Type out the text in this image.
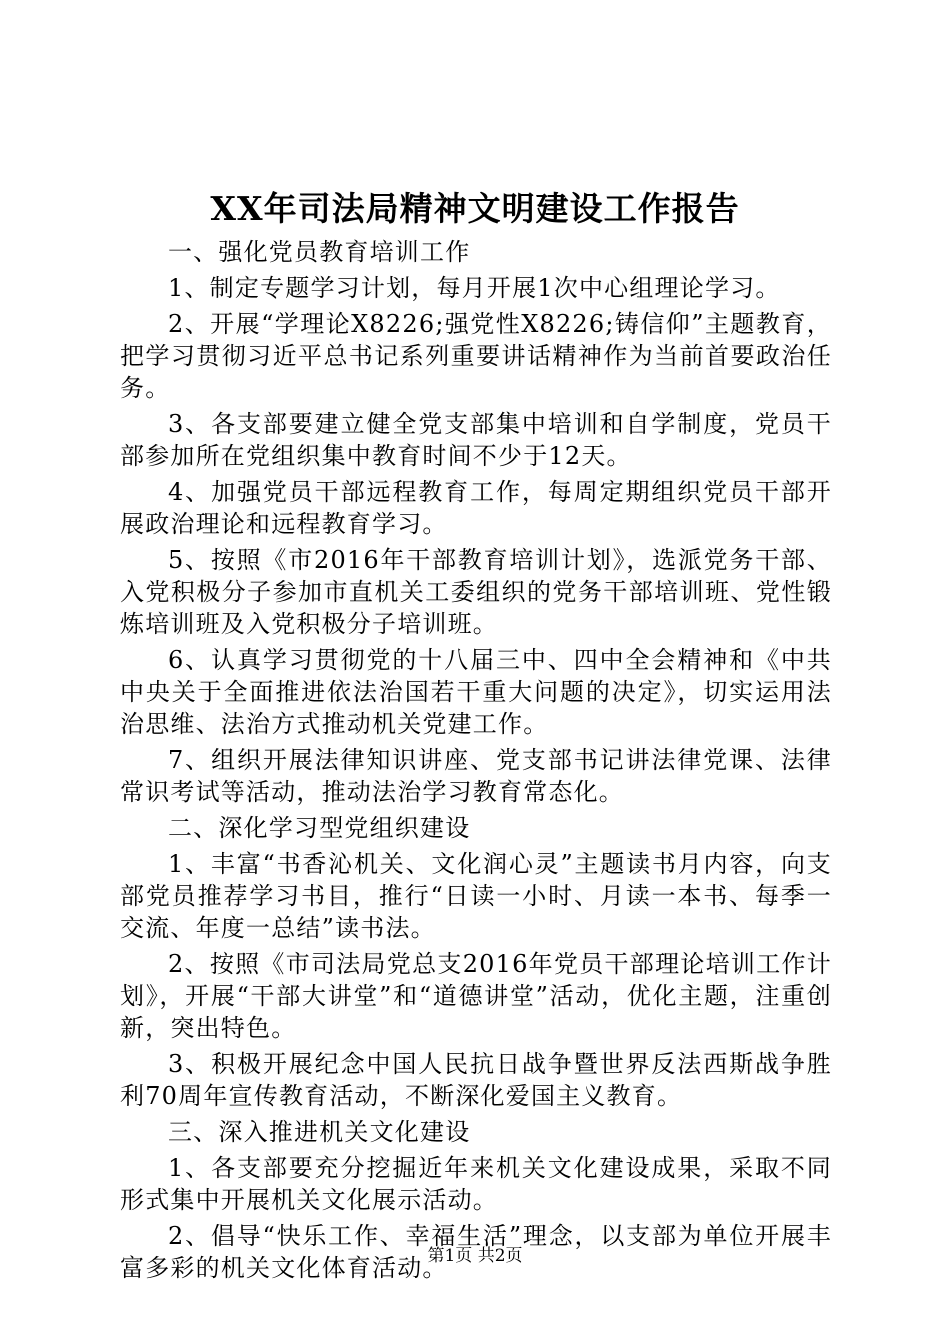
XX年司法局精神文明建设工作报告

一、强化党员教育培训工作

1、制定专题学习计划，每月开展1次中心组理论学习。

2、开展“学理论X8226;强党性X8226;铸信仰”主题教育，把学习贯彻习近平总书记系列重要讲话精神作为当前首要政治任务。

3、各支部要建立健全党支部集中培训和自学制度，党员干部参加所在党组织集中教育时间不少于12天。

4、加强党员干部远程教育工作，每周定期组织党员干部开展政治理论和远程教育学习。

5、按照《市2016年干部教育培训计划》，选派党务干部、入党积极分子参加市直机关工委组织的党务干部培训班、党性锻炼培训班及入党积极分子培训班。

6、认真学习贯彻党的十八届三中、四中全会精神和《中共中央关于全面推进依法治国若干重大问题的决定》，切实运用法治思维、法治方式推动机关党建工作。

7、组织开展法律知识讲座、党支部书记讲法律党课、法律常识考试等活动，推动法治学习教育常态化。

二、深化学习型党组织建设

1、丰富“书香沁机关、文化润心灵”主题读书月内容，向支部党员推荐学习书目，推行“日读一小时、月读一本书、每季一交流、年度一总结”读书法。

2、按照《市司法局党总支2016年党员干部理论培训工作计划》，开展“干部大讲堂”和“道德讲堂”活动，优化主题，注重创新，突出特色。

3、积极开展纪念中国人民抗日战争暨世界反法西斯战争胜利70周年宣传教育活动，不断深化爱国主义教育。

三、深入推进机关文化建设

1、各支部要充分挖掘近年来机关文化建设成果，采取不同形式集中开展机关文化展示活动。

2、倡导“快乐工作、幸福生活”理念，以支部为单位开展丰富多彩的机关文化体育活动。

第1页 共2页
